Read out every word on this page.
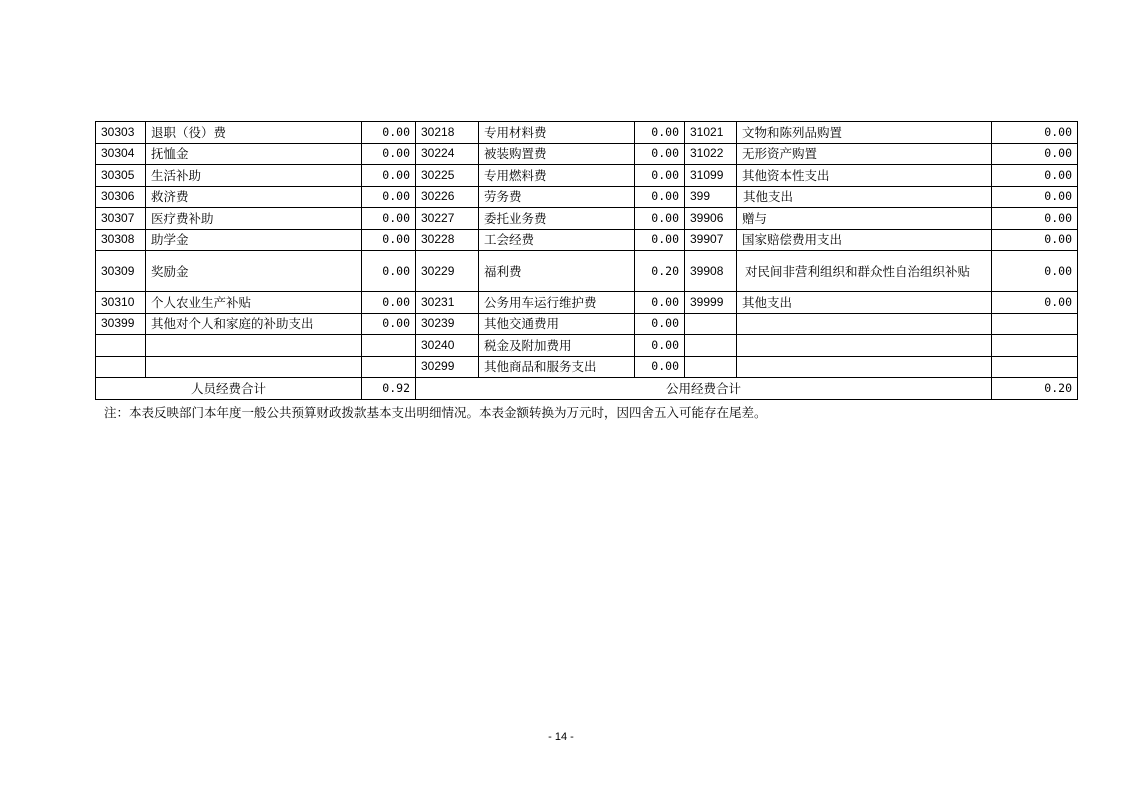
30303	退职（役）费	0.00	30218	专用材料费	0.00	31021	文物和陈列品购置	0.00
30304	抚恤金	0.00	30224	被装购置费	0.00	31022	无形资产购置	0.00
30305	生活补助	0.00	30225	专用燃料费	0.00	31099	其他资本性支出	0.00
30306	救济费	0.00	30226	劳务费	0.00	399	其他支出	0.00
30307	医疗费补助	0.00	30227	委托业务费	0.00	39906	赠与	0.00
30308	助学金	0.00	30228	工会经费	0.00	39907	国家赔偿费用支出	0.00
30309	奖励金	0.00	30229	福利费	0.20	39908	对民间非营利组织和群众性自治组织补贴	0.00
30310	个人农业生产补贴	0.00	30231	公务用车运行维护费	0.00	39999	其他支出	0.00
30399	其他对个人和家庭的补助支出	0.00	30239	其他交通费用	0.00			
			30240	税金及附加费用	0.00			
			30299	其他商品和服务支出	0.00			
人员经费合计		0.92	公用经费合计					0.20
注：本表反映部门本年度一般公共预算财政拨款基本支出明细情况。本表金额转换为万元时，因四舍五入可能存在尾差。
- 14 -
